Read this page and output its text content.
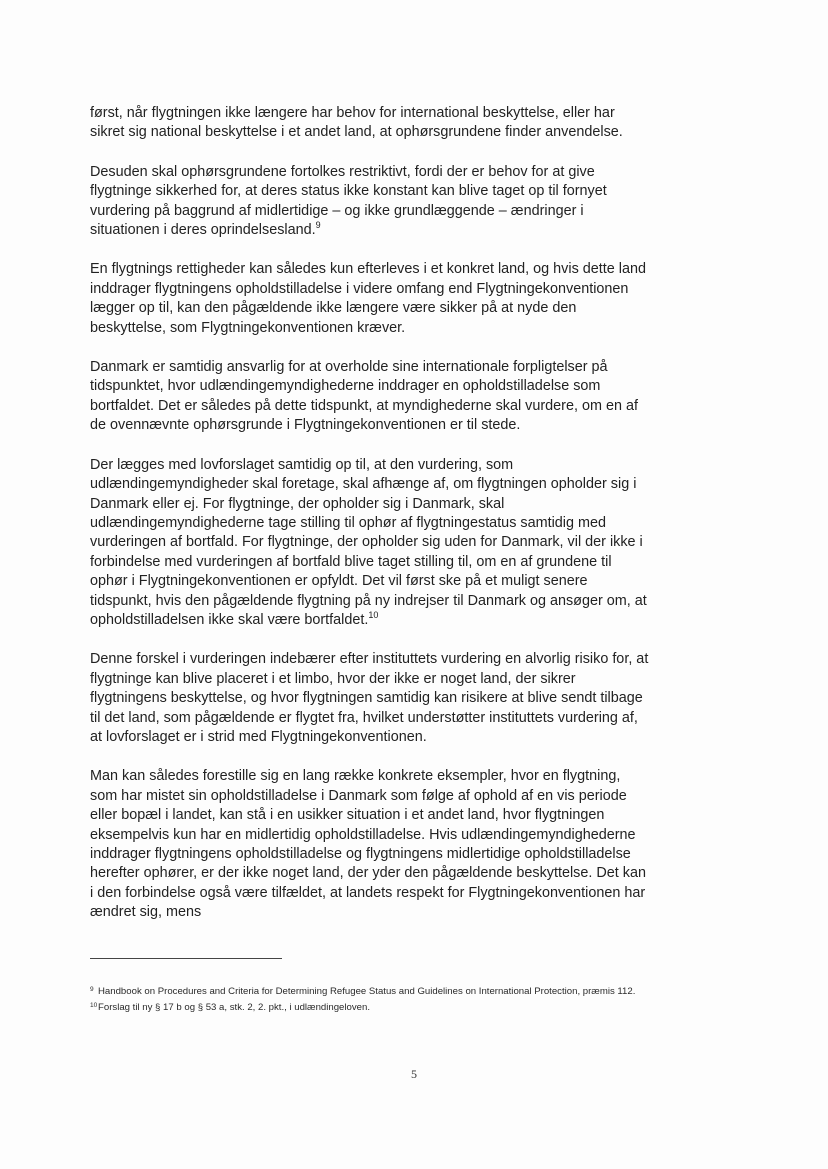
først, når flygtningen ikke længere har behov for international beskyttelse, eller har sikret sig national beskyttelse i et andet land, at ophørsgrundene finder anvendelse.

Desuden skal ophørsgrundene fortolkes restriktivt, fordi der er behov for at give flygtninge sikkerhed for, at deres status ikke konstant kan blive taget op til fornyet vurdering på baggrund af midlertidige – og ikke grundlæggende – ændringer i situationen i deres oprindelsesland.$^9$

En flygtnings rettigheder kan således kun efterleves i et konkret land, og hvis dette land inddrager flygtningens opholdstilladelse i videre omfang end Flygtningekonventionen lægger op til, kan den pågældende ikke længere være sikker på at nyde den beskyttelse, som Flygtningekonventionen kræver.

Danmark er samtidig ansvarlig for at overholde sine internationale forpligtelser på tidspunktet, hvor udlændingemyndighederne inddrager en opholdstilladelse som bortfaldet. Det er således på dette tidspunkt, at myndighederne skal vurdere, om en af de ovennævnte ophørsgrunde i Flygtningekonventionen er til stede.

Der lægges med lovforslaget samtidig op til, at den vurdering, som udlændingemyndigheder skal foretage, skal afhænge af, om flygtningen opholder sig i Danmark eller ej. For flygtninge, der opholder sig i Danmark, skal udlændingemyndighederne tage stilling til ophør af flygtningestatus samtidig med vurderingen af bortfald. For flygtninge, der opholder sig uden for Danmark, vil der ikke i forbindelse med vurderingen af bortfald blive taget stilling til, om en af grundene til ophør i Flygtningekonventionen er opfyldt. Det vil først ske på et muligt senere tidspunkt, hvis den pågældende flygtning på ny indrejser til Danmark og ansøger om, at opholdstilladelsen ikke skal være bortfaldet.$^{10}$

Denne forskel i vurderingen indebærer efter instituttets vurdering en alvorlig risiko for, at flygtninge kan blive placeret i et limbo, hvor der ikke er noget land, der sikrer flygtningens beskyttelse, og hvor flygtningen samtidig kan risikere at blive sendt tilbage til det land, som pågældende er flygtet fra, hvilket understøtter instituttets vurdering af, at lovforslaget er i strid med Flygtningekonventionen.

Man kan således forestille sig en lang række konkrete eksempler, hvor en flygtning, som har mistet sin opholdstilladelse i Danmark som følge af ophold af en vis periode eller bopæl i landet, kan stå i en usikker situation i et andet land, hvor flygtningen eksempelvis kun har en midlertidig opholdstilladelse. Hvis udlændingemyndighederne inddrager flygtningens opholdstilladelse og flygtningens midlertidige opholdstilladelse herefter ophører, er der ikke noget land, der yder den pågældende beskyttelse. Det kan i den forbindelse også være tilfældet, at landets respekt for Flygtningekonventionen har ændret sig, mens

9 Handbook on Procedures and Criteria for Determining Refugee Status and Guidelines on International Protection, præmis 112.
10 Forslag til ny § 17 b og § 53 a, stk. 2, 2. pkt., i udlændingeloven.
5
